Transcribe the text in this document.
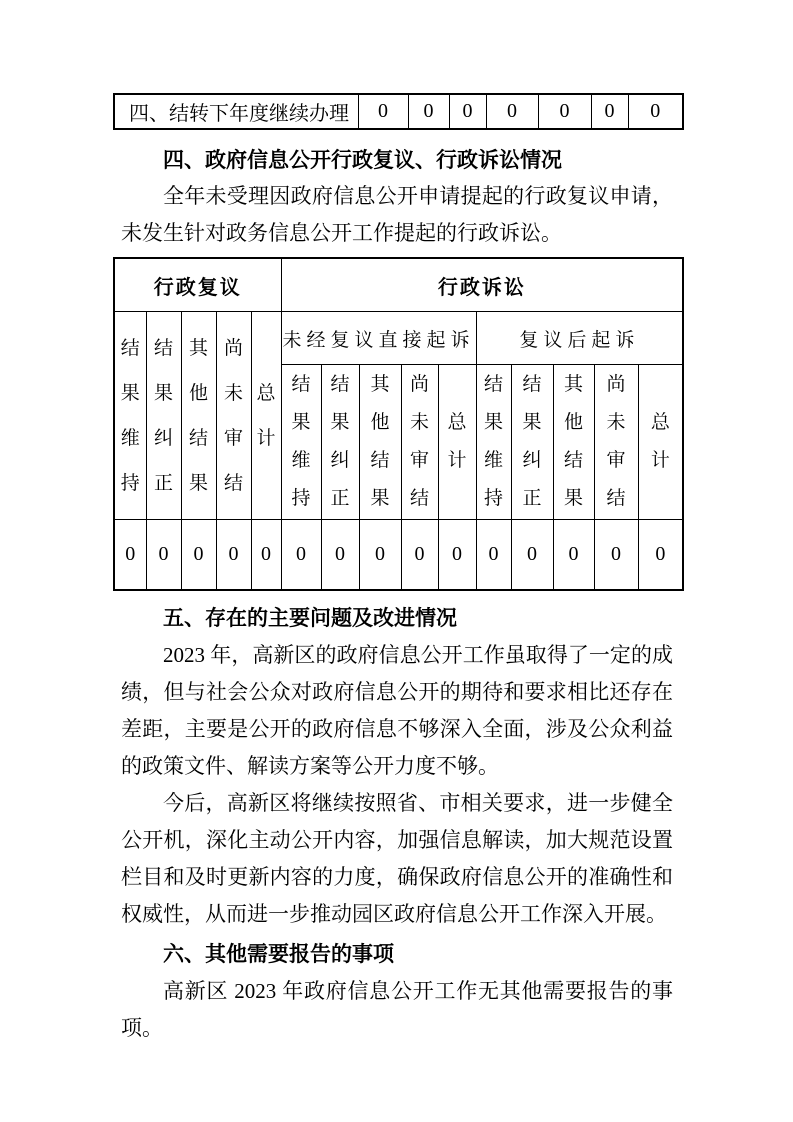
四、结转下年度继续办理	0	0	0	0	0	0	0
四、政府信息公开行政复议、行政诉讼情况

全年未受理因政府信息公开申请提起的行政复议申请，未发生针对政务信息公开工作提起的行政诉讼。

行政复议					行政诉讼									

结果维持	结果纠正	其他结果	尚未审结	总计	未经复议直接起诉					复议后起诉				

					结果维持	结果纠正	其他结果	尚未审结	总计	结果维持	结果纠正	其他结果	尚未审结	总计

0	0	0	0	0	0	0	0	0	0	0	0	0	0	0
五、存在的主要问题及改进情况

2023 年，高新区的政府信息公开工作虽取得了一定的成绩，但与社会公众对政府信息公开的期待和要求相比还存在差距，主要是公开的政府信息不够深入全面，涉及公众利益的政策文件、解读方案等公开力度不够。

今后，高新区将继续按照省、市相关要求，进一步健全公开机，深化主动公开内容，加强信息解读，加大规范设置栏目和及时更新内容的力度，确保政府信息公开的准确性和权威性，从而进一步推动园区政府信息公开工作深入开展。

六、其他需要报告的事项

高新区 2023 年政府信息公开工作无其他需要报告的事项。
